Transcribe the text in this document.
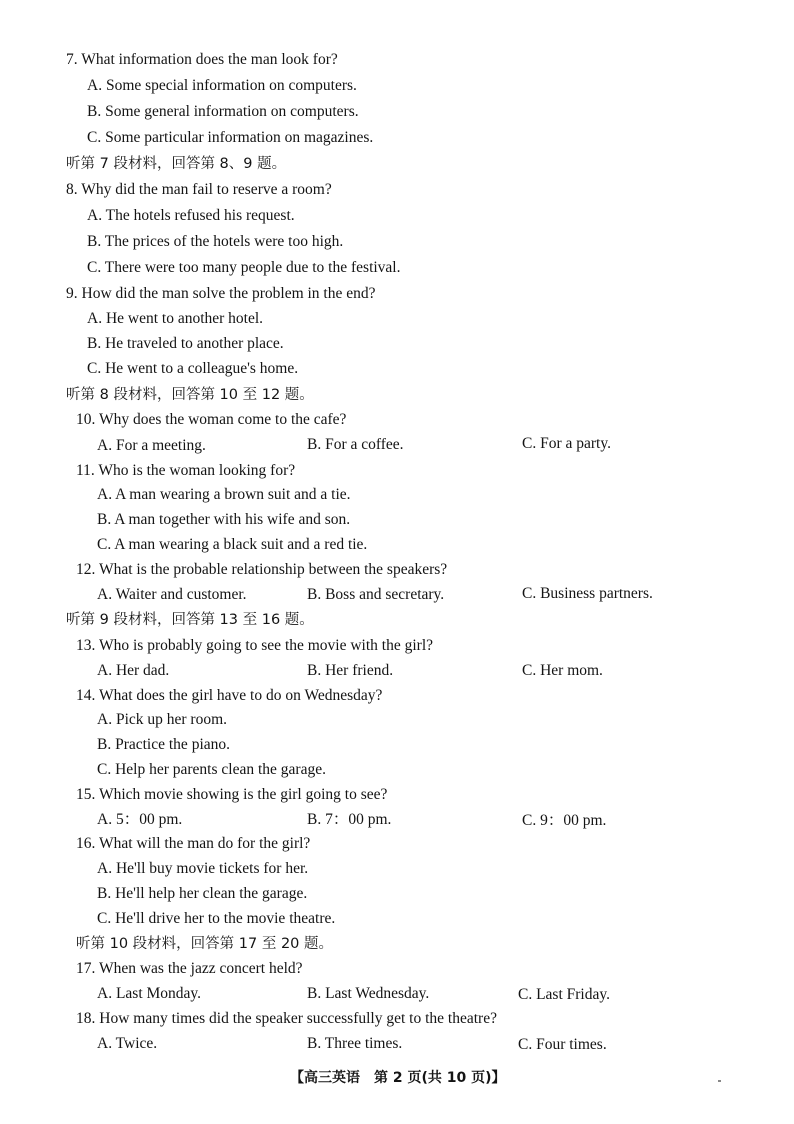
7. What information does the man look for?
A. Some special information on computers.
B. Some general information on computers.
C. Some particular information on magazines.
听第 7 段材料，回答第 8、9 题。
8. Why did the man fail to reserve a room?
A. The hotels refused his request.
B. The prices of the hotels were too high.
C. There were too many people due to the festival.
9. How did the man solve the problem in the end?
A. He went to another hotel.
B. He traveled to another place.
C. He went to a colleague's home.
听第 8 段材料，回答第 10 至 12 题。
10. Why does the woman come to the cafe?
A. For a meeting.	B. For a coffee.	C. For a party.
11. Who is the woman looking for?
A. A man wearing a brown suit and a tie.
B. A man together with his wife and son.
C. A man wearing a black suit and a red tie.
12. What is the probable relationship between the speakers?
A. Waiter and customer.	B. Boss and secretary.	C. Business partners.
听第 9 段材料，回答第 13 至 16 题。
13. Who is probably going to see the movie with the girl?
A. Her dad.	B. Her friend.	C. Her mom.
14. What does the girl have to do on Wednesday?
A. Pick up her room.
B. Practice the piano.
C. Help her parents clean the garage.
15. Which movie showing is the girl going to see?
A. 5：00 pm.	B. 7：00 pm.	C. 9：00 pm.
16. What will the man do for the girl?
A. He'll buy movie tickets for her.
B. He'll help her clean the garage.
C. He'll drive her to the movie theatre.
听第 10 段材料，回答第 17 至 20 题。
17. When was the jazz concert held?
A. Last Monday.	B. Last Wednesday.	C. Last Friday.
18. How many times did the speaker successfully get to the theatre?
A. Twice.	B. Three times.	C. Four times.
【高三英语　第 2 页(共 10 页)】
